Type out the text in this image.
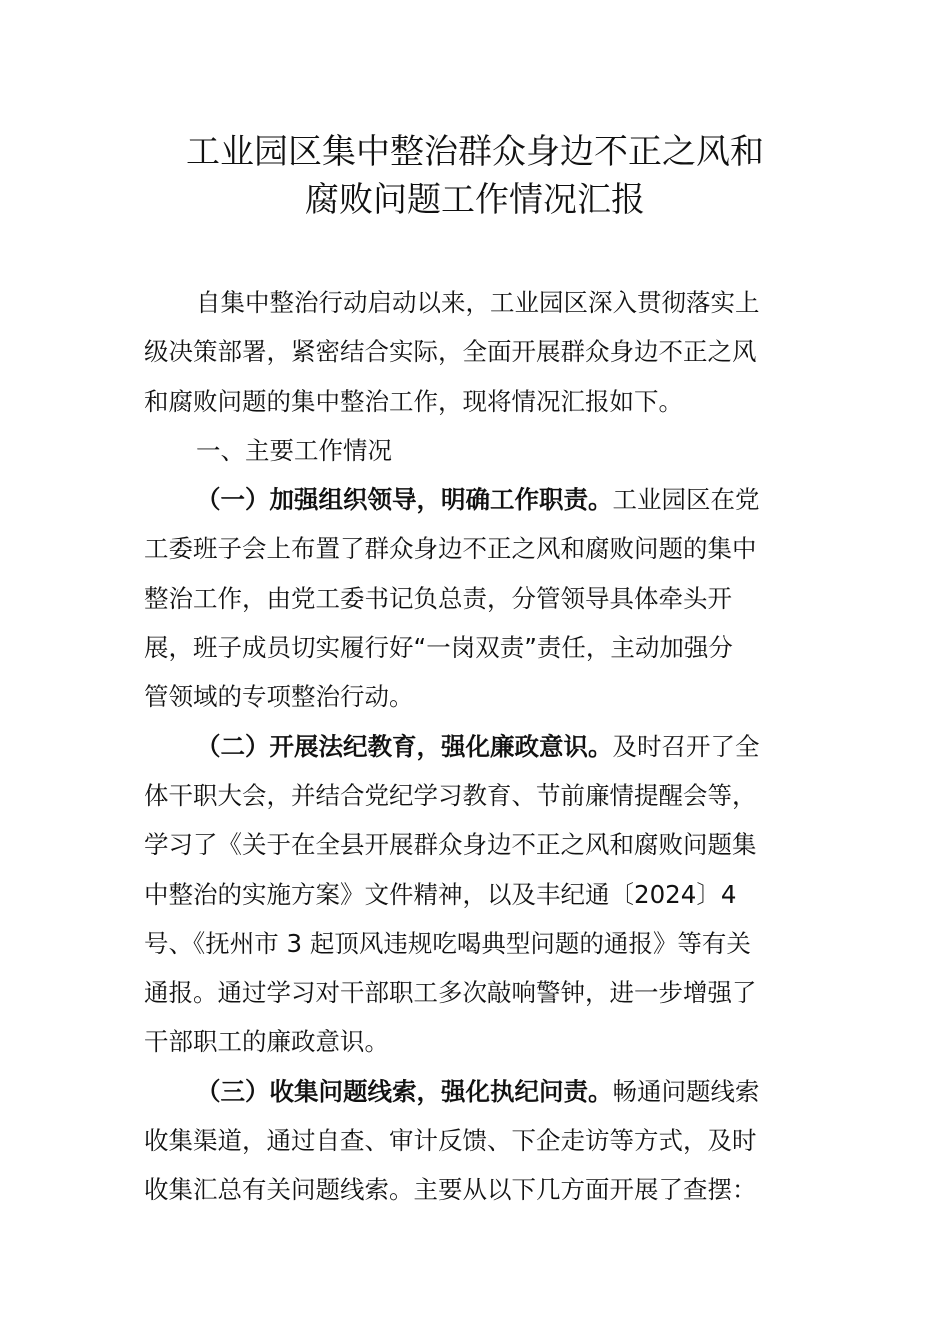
工业园区集中整治群众身边不正之风和
腐败问题工作情况汇报
自集中整治行动启动以来，工业园区深入贯彻落实上
级决策部署，紧密结合实际，全面开展群众身边不正之风
和腐败问题的集中整治工作，现将情况汇报如下。
一、主要工作情况
（一）加强组织领导，明确工作职责。工业园区在党
工委班子会上布置了群众身边不正之风和腐败问题的集中
整治工作，由党工委书记负总责，分管领导具体牵头开
展，班子成员切实履行好“一岗双责”责任，主动加强分
管领域的专项整治行动。
（二）开展法纪教育，强化廉政意识。及时召开了全
体干职大会，并结合党纪学习教育、节前廉情提醒会等，
学习了《关于在全县开展群众身边不正之风和腐败问题集
中整治的实施方案》文件精神，以及丰纪通〔2024〕4
号、《抚州市 3 起顶风违规吃喝典型问题的通报》等有关
通报。通过学习对干部职工多次敲响警钟，进一步增强了
干部职工的廉政意识。
（三）收集问题线索，强化执纪问责。畅通问题线索
收集渠道，通过自查、审计反馈、下企走访等方式，及时
收集汇总有关问题线索。主要从以下几方面开展了查摆：
